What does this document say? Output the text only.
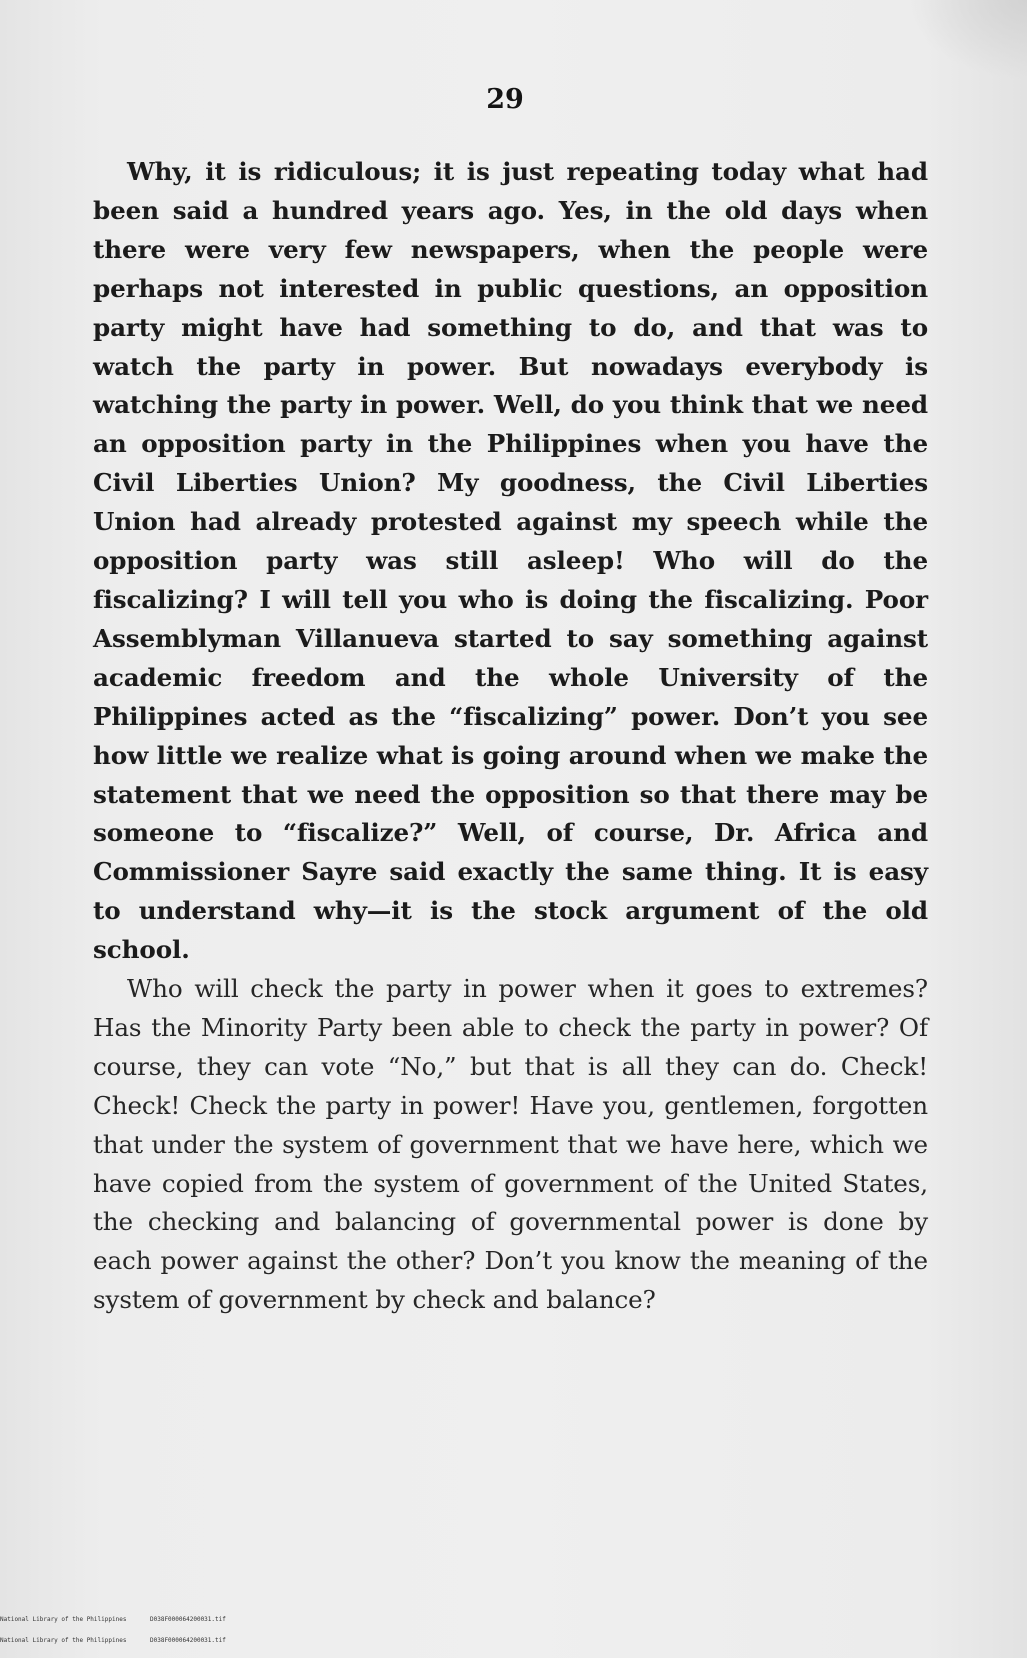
29

Why, it is ridiculous; it is just repeating today what had been said a hundred years ago. Yes, in the old days when there were very few newspapers, when the people were perhaps not interested in public questions, an opposition party might have had something to do, and that was to watch the party in power. But nowadays everybody is watching the party in power. Well, do you think that we need an opposition party in the Philippines when you have the Civil Liberties Union? My goodness, the Civil Liberties Union had already protested against my speech while the opposition party was still asleep! Who will do the fiscalizing? I will tell you who is doing the fiscalizing. Poor Assemblyman Villanueva started to say something against academic freedom and the whole University of the Philippines acted as the “fiscalizing” power. Don’t you see how little we realize what is going around when we make the statement that we need the opposition so that there may be someone to “fiscalize?” Well, of course, Dr. Africa and Commissioner Sayre said exactly the same thing. It is easy to understand why—it is the stock argument of the old school.

Who will check the party in power when it goes to extremes? Has the Minority Party been able to check the party in power? Of course, they can vote “No,” but that is all they can do. Check! Check! Check the party in power! Have you, gentlemen, forgotten that under the system of government that we have here, which we have copied from the system of government of the United States, the checking and balancing of governmental power is done by each power against the other? Don’t you know the meaning of the system of government by check and balance?

National Library of the Philippines	D038F000064200031.tif

National Library of the Philippines	D038F000064200031.tif
